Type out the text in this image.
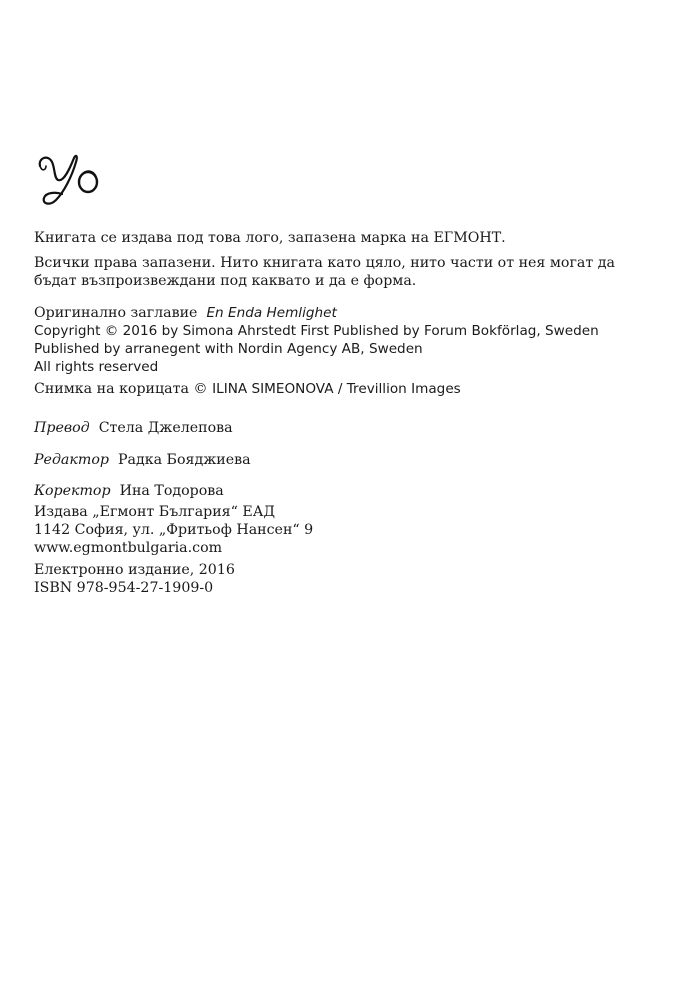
Книгата се издава под това лого, запазена марка на ЕГМОНТ.
Всички права запазени. Нито книгата като цяло, нито части от нея могат да
бъдат възпроизвеждани под каквато и да е форма.
Оригинално заглавие En Enda Hemlighet
Copyright © 2016 by Simona Ahrstedt First Published by Forum Bokförlag, Sweden
Published by arranegent with Nordin Agency AB, Sweden
All rights reserved
Снимка на корицата © ILINA SIMEONOVA / Trevillion Images
Превод Стела Джелепова
Редактор Радка Бояджиева
Коректор Ина Тодорова
Издава „Егмонт България“ ЕАД
1142 София, ул. „Фритьоф Нансен“ 9
www.egmontbulgaria.com
Електронно издание, 2016
ISBN 978-954-27-1909-0
